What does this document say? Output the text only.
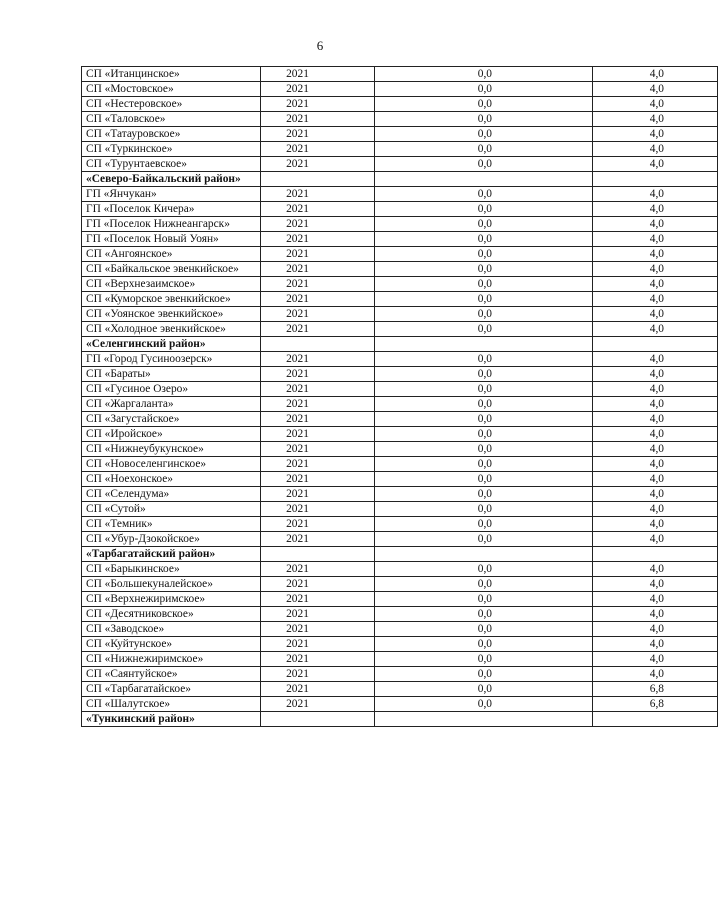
6
СП «Итанцинское»	2021	0,0	4,0
СП «Мостовское»	2021	0,0	4,0
СП «Нестеровское»	2021	0,0	4,0
СП «Таловское»	2021	0,0	4,0
СП «Татауровское»	2021	0,0	4,0
СП «Туркинское»	2021	0,0	4,0
СП «Турунтаевское»	2021	0,0	4,0
«Северо-Байкальский район»			
ГП «Янчукан»	2021	0,0	4,0
ГП «Поселок Кичера»	2021	0,0	4,0
ГП «Поселок Нижнеангарск»	2021	0,0	4,0
ГП «Поселок Новый Уоян»	2021	0,0	4,0
СП «Ангоянское»	2021	0,0	4,0
СП «Байкальское эвенкийское»	2021	0,0	4,0
СП «Верхнезаимское»	2021	0,0	4,0
СП «Куморское эвенкийское»	2021	0,0	4,0
СП «Уоянское эвенкийское»	2021	0,0	4,0
СП «Холодное эвенкийское»	2021	0,0	4,0
«Селенгинский район»			
ГП «Город Гусиноозерск»	2021	0,0	4,0
СП «Бараты»	2021	0,0	4,0
СП «Гусиное Озеро»	2021	0,0	4,0
СП «Жаргаланта»	2021	0,0	4,0
СП «Загустайское»	2021	0,0	4,0
СП «Иройское»	2021	0,0	4,0
СП «Нижнеубукунское»	2021	0,0	4,0
СП «Новоселенгинское»	2021	0,0	4,0
СП «Ноехонское»	2021	0,0	4,0
СП «Селендума»	2021	0,0	4,0
СП «Сутой»	2021	0,0	4,0
СП «Темник»	2021	0,0	4,0
СП «Убур-Дзокойское»	2021	0,0	4,0
«Тарбагатайский район»			
СП «Барыкинское»	2021	0,0	4,0
СП «Большекуналейское»	2021	0,0	4,0
СП «Верхнежиримское»	2021	0,0	4,0
СП «Десятниковское»	2021	0,0	4,0
СП «Заводское»	2021	0,0	4,0
СП «Куйтунское»	2021	0,0	4,0
СП «Нижнежиримское»	2021	0,0	4,0
СП «Саянтуйское»	2021	0,0	4,0
СП «Тарбагатайское»	2021	0,0	6,8
СП «Шалутское»	2021	0,0	6,8
«Тункинский район»			
